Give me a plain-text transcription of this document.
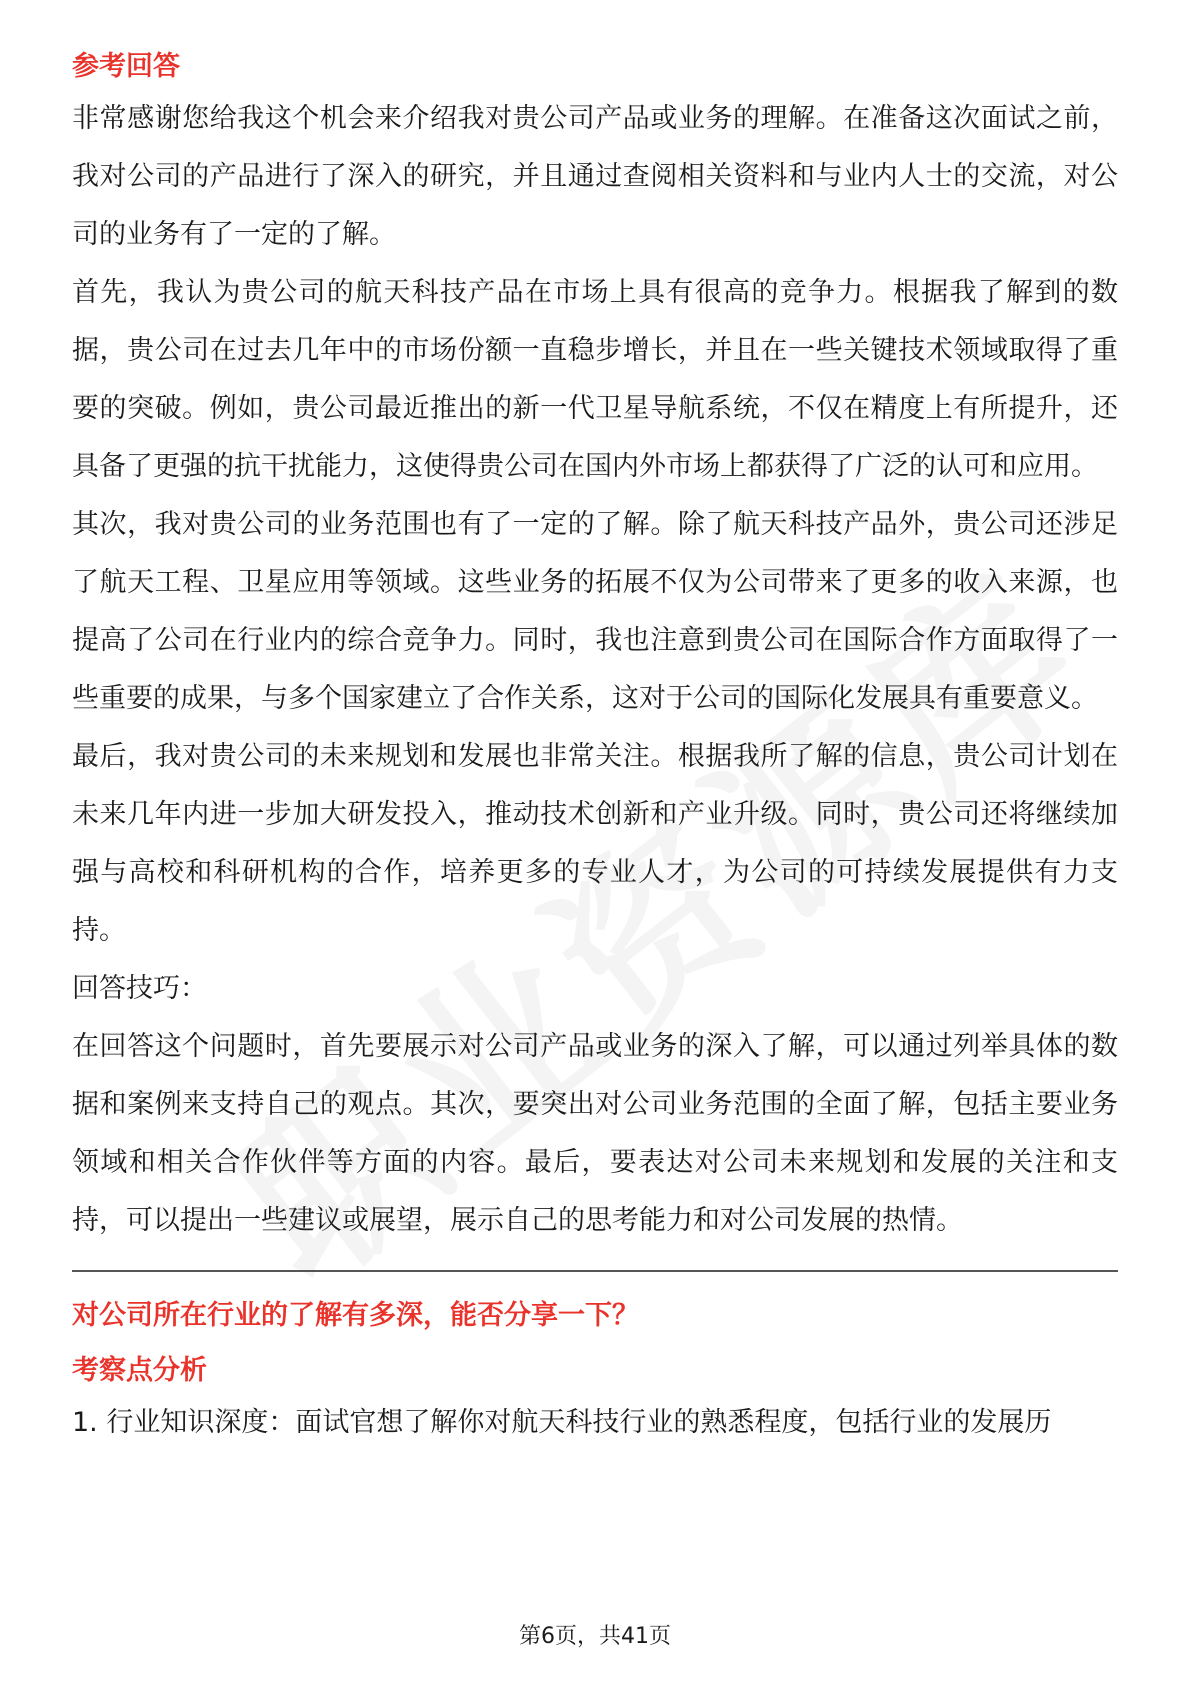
参考回答

非常感谢您给我这个机会来介绍我对贵公司产品或业务的理解。在准备这次面试之前，我对公司的产品进行了深入的研究，并且通过查阅相关资料和与业内人士的交流，对公司的业务有了一定的了解。

首先，我认为贵公司的航天科技产品在市场上具有很高的竞争力。根据我了解到的数据，贵公司在过去几年中的市场份额一直稳步增长，并且在一些关键技术领域取得了重要的突破。例如，贵公司最近推出的新一代卫星导航系统，不仅在精度上有所提升，还具备了更强的抗干扰能力，这使得贵公司在国内外市场上都获得了广泛的认可和应用。

其次，我对贵公司的业务范围也有了一定的了解。除了航天科技产品外，贵公司还涉足了航天工程、卫星应用等领域。这些业务的拓展不仅为公司带来了更多的收入来源，也提高了公司在行业内的综合竞争力。同时，我也注意到贵公司在国际合作方面取得了一些重要的成果，与多个国家建立了合作关系，这对于公司的国际化发展具有重要意义。

最后，我对贵公司的未来规划和发展也非常关注。根据我所了解的信息，贵公司计划在未来几年内进一步加大研发投入，推动技术创新和产业升级。同时，贵公司还将继续加强与高校和科研机构的合作，培养更多的专业人才，为公司的可持续发展提供有力支持。

回答技巧：

在回答这个问题时，首先要展示对公司产品或业务的深入了解，可以通过列举具体的数据和案例来支持自己的观点。其次，要突出对公司业务范围的全面了解，包括主要业务领域和相关合作伙伴等方面的内容。最后，要表达对公司未来规划和发展的关注和支持，可以提出一些建议或展望，展示自己的思考能力和对公司发展的热情。

对公司所在行业的了解有多深，能否分享一下？
考察点分析

1. 行业知识深度：面试官想了解你对航天科技行业的熟悉程度，包括行业的发展历

第6页，共41页
